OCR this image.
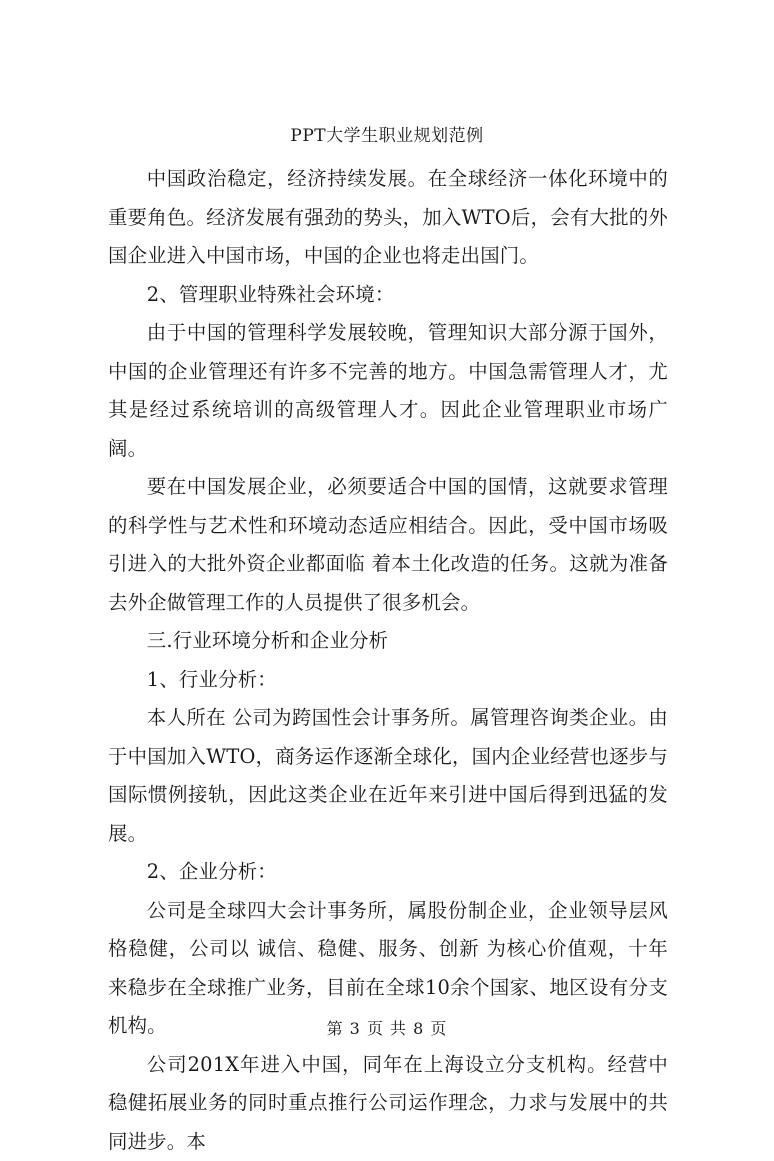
PPT大学生职业规划范例

中国政治稳定，经济持续发展。在全球经济一体化环境中的重要角色。经济发展有强劲的势头，加入WTO后，会有大批的外国企业进入中国市场，中国的企业也将走出国门。

2、管理职业特殊社会环境：

由于中国的管理科学发展较晚，管理知识大部分源于国外，中国的企业管理还有许多不完善的地方。中国急需管理人才，尤其是经过系统培训的高级管理人才。因此企业管理职业市场广阔。

要在中国发展企业，必须要适合中国的国情，这就要求管理的科学性与艺术性和环境动态适应相结合。因此，受中国市场吸引进入的大批外资企业都面临 着本土化改造的任务。这就为准备去外企做管理工作的人员提供了很多机会。

三.行业环境分析和企业分析

1、行业分析：

本人所在 公司为跨国性会计事务所。属管理咨询类企业。由于中国加入WTO，商务运作逐渐全球化，国内企业经营也逐步与国际惯例接轨，因此这类企业在近年来引进中国后得到迅猛的发展。

2、企业分析：

公司是全球四大会计事务所，属股份制企业，企业领导层风格稳健，公司以 诚信、稳健、服务、创新 为核心价值观，十年来稳步在全球推广业务，目前在全球10余个国家、地区设有分支机构。

公司201X年进入中国，同年在上海设立分支机构。经营中稳健拓展业务的同时重点推行公司运作理念，力求与发展中的共同进步。本

第 3 页 共 8 页
